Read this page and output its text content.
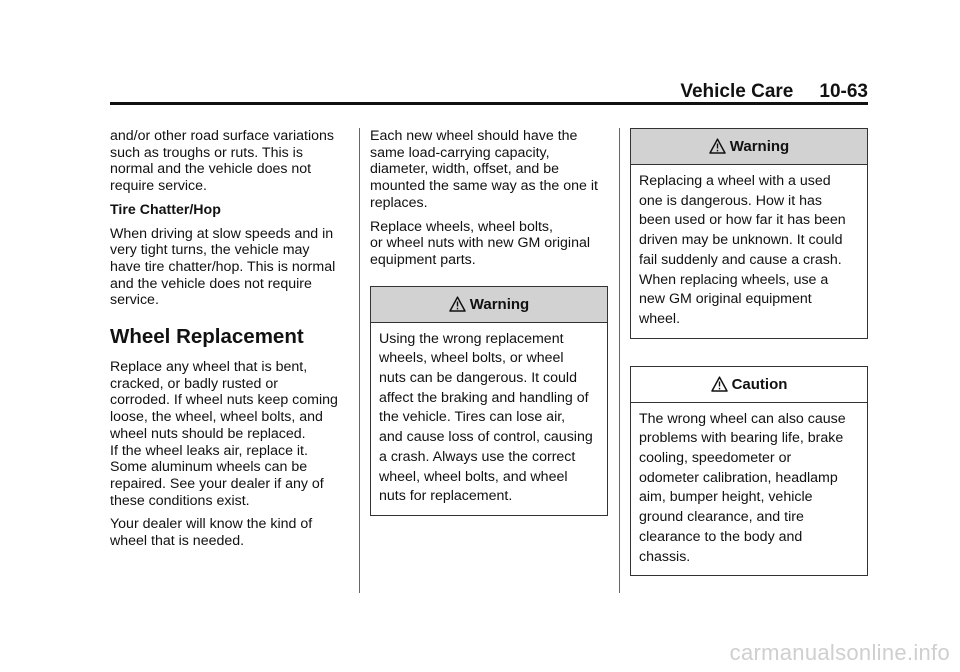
Vehicle Care 10-63

and/or other road surface variations
such as troughs or ruts. This is
normal and the vehicle does not
require service.

Tire Chatter/Hop

When driving at slow speeds and in
very tight turns, the vehicle may
have tire chatter/hop. This is normal
and the vehicle does not require
service.

Wheel Replacement

Replace any wheel that is bent,
cracked, or badly rusted or
corroded. If wheel nuts keep coming
loose, the wheel, wheel bolts, and
wheel nuts should be replaced.
If the wheel leaks air, replace it.
Some aluminum wheels can be
repaired. See your dealer if any of
these conditions exist.

Your dealer will know the kind of
wheel that is needed.

Each new wheel should have the
same load-carrying capacity,
diameter, width, offset, and be
mounted the same way as the one it
replaces.

Replace wheels, wheel bolts,
or wheel nuts with new GM original
equipment parts.

Warning
Using the wrong replacement
wheels, wheel bolts, or wheel
nuts can be dangerous. It could
affect the braking and handling of
the vehicle. Tires can lose air,
and cause loss of control, causing
a crash. Always use the correct
wheel, wheel bolts, and wheel
nuts for replacement.
Warning
Replacing a wheel with a used
one is dangerous. How it has
been used or how far it has been
driven may be unknown. It could
fail suddenly and cause a crash.
When replacing wheels, use a
new GM original equipment
wheel.
Caution
The wrong wheel can also cause
problems with bearing life, brake
cooling, speedometer or
odometer calibration, headlamp
aim, bumper height, vehicle
ground clearance, and tire
clearance to the body and
chassis.
carmanualsonline.info
